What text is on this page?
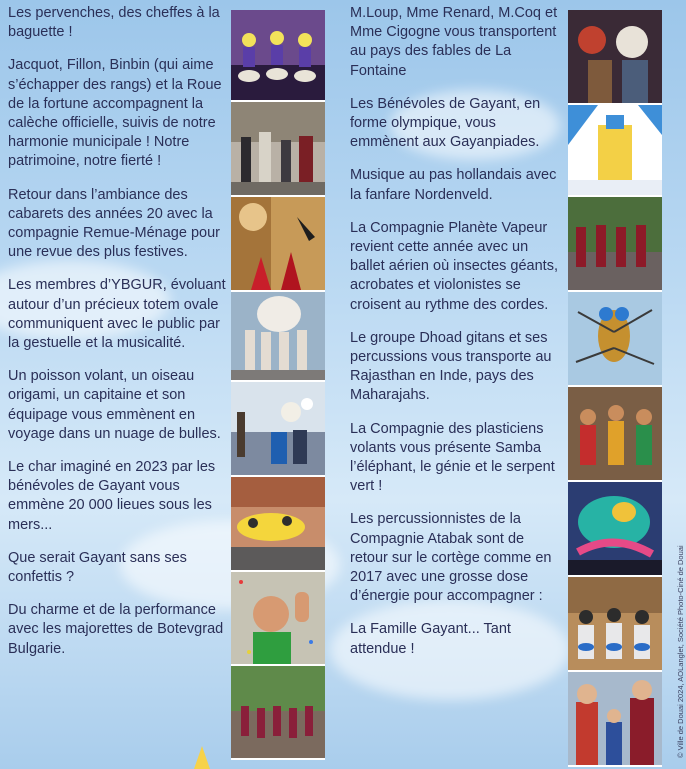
Les pervenches, des cheffes à la baguette !

Jacquot, Fillon, Binbin (qui aime s’échapper des rangs) et la Roue de la fortune accompagnent la calèche officielle, suivis de notre harmonie municipale ! Notre patrimoine, notre fierté !

Retour dans l’ambiance des cabarets des années 20 avec la compagnie Remue-Ménage pour une revue des plus festives.

Les membres d’YBGUR, évoluant autour d’un précieux totem ovale communiquent avec le public par la gestuelle et la musicalité.

Un poisson volant, un oiseau origami, un capitaine et son équipage vous emmènent en voyage dans un nuage de bulles.

Le char imaginé en 2023 par les bénévoles de Gayant vous emmène 20 000 lieues sous les mers...

Que serait Gayant sans ses confettis ?

Du charme et de la performance avec les majorettes de Botevgrad Bulgarie.

M.Loup, Mme Renard, M.Coq et Mme Cigogne vous transportent au pays des fables de La Fontaine

Les Bénévoles de Gayant, en forme olympique, vous emmènent aux Gayanpiades.

Musique au pas hollandais avec la fanfare Nordenveld.

La Compagnie Planète Vapeur revient cette année avec un ballet aérien où insectes géants, acrobates et violonistes se croisent au rythme des cordes.

Le groupe Dhoad gitans et ses percussions vous transporte au Rajasthan en Inde, pays des Maharajahs.

La Compagnie des plasticiens volants vous présente Samba l’éléphant, le génie et le serpent vert !

Les percussionnistes de la Compagnie Atabak sont de retour sur le cortège comme en 2017 avec une grosse dose d’énergie pour accompagner :

La Famille Gayant... Tant attendue !	© Ville de Douai 2024, AOLanglet, Société Photo-Ciné de Douai
